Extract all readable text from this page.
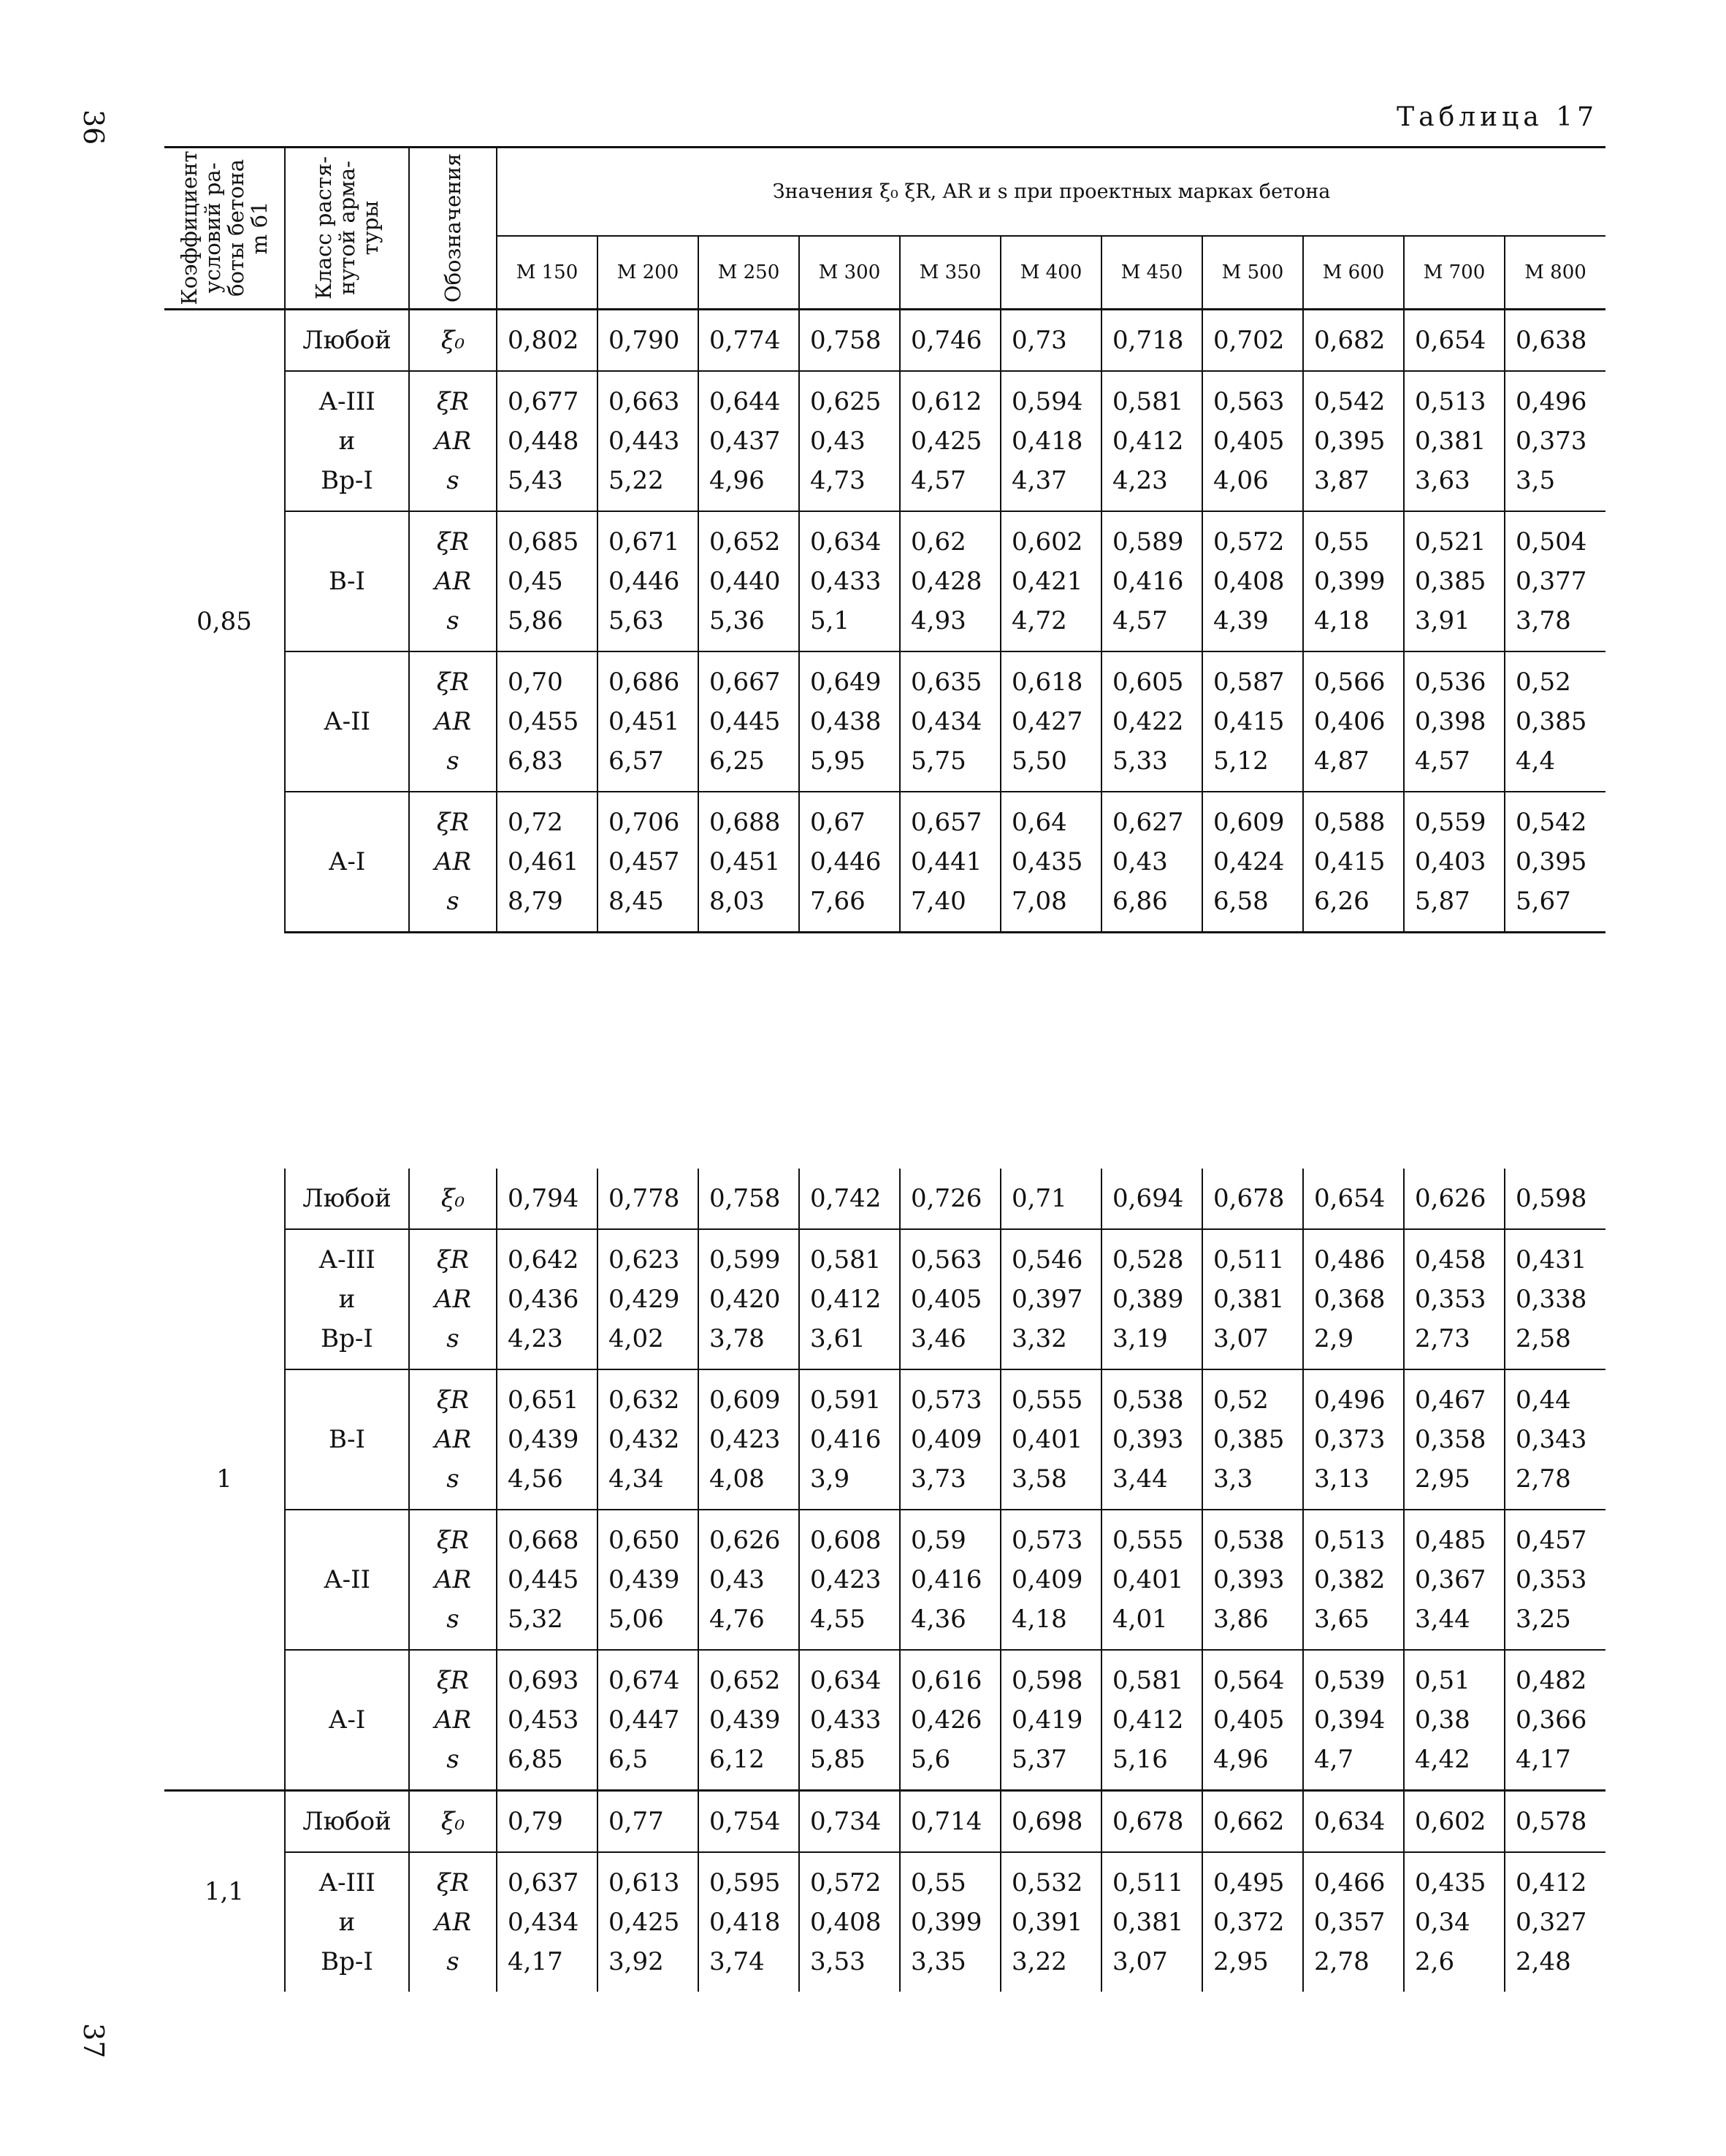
36
37
Таблица 17
Коэффициент
условий ра-
боты бетона
m б1	Класс растя-
нутой арма-
туры	Обозначения	Значения ξ₀ ξR, AR и s при проектных марках бетона										
			М 150	М 200	М 250	М 300	М 350	М 400	М 450	М 500	М 600	М 700	М 800
0,85	Любой	ξ₀	0,802	0,790	0,774	0,758	0,746	0,73	0,718	0,702	0,682	0,654	0,638
	А-III
и
Вр-I	ξR
AR
s	0,677
0,448
5,43	0,663
0,443
5,22	0,644
0,437
4,96	0,625
0,43
4,73	0,612
0,425
4,57	0,594
0,418
4,37	0,581
0,412
4,23	0,563
0,405
4,06	0,542
0,395
3,87	0,513
0,381
3,63	0,496
0,373
3,5
	В-I	ξR
AR
s	0,685
0,45
5,86	0,671
0,446
5,63	0,652
0,440
5,36	0,634
0,433
5,1	0,62
0,428
4,93	0,602
0,421
4,72	0,589
0,416
4,57	0,572
0,408
4,39	0,55
0,399
4,18	0,521
0,385
3,91	0,504
0,377
3,78
	А-II	ξR
AR
s	0,70
0,455
6,83	0,686
0,451
6,57	0,667
0,445
6,25	0,649
0,438
5,95	0,635
0,434
5,75	0,618
0,427
5,50	0,605
0,422
5,33	0,587
0,415
5,12	0,566
0,406
4,87	0,536
0,398
4,57	0,52
0,385
4,4
	А-I	ξR
AR
s	0,72
0,461
8,79	0,706
0,457
8,45	0,688
0,451
8,03	0,67
0,446
7,66	0,657
0,441
7,40	0,64
0,435
7,08	0,627
0,43
6,86	0,609
0,424
6,58	0,588
0,415
6,26	0,559
0,403
5,87	0,542
0,395
5,67
1	Любой	ξ₀	0,794	0,778	0,758	0,742	0,726	0,71	0,694	0,678	0,654	0,626	0,598
	А-III
и
Вр-I	ξR
AR
s	0,642
0,436
4,23	0,623
0,429
4,02	0,599
0,420
3,78	0,581
0,412
3,61	0,563
0,405
3,46	0,546
0,397
3,32	0,528
0,389
3,19	0,511
0,381
3,07	0,486
0,368
2,9	0,458
0,353
2,73	0,431
0,338
2,58
	В-I	ξR
AR
s	0,651
0,439
4,56	0,632
0,432
4,34	0,609
0,423
4,08	0,591
0,416
3,9	0,573
0,409
3,73	0,555
0,401
3,58	0,538
0,393
3,44	0,52
0,385
3,3	0,496
0,373
3,13	0,467
0,358
2,95	0,44
0,343
2,78
	А-II	ξR
AR
s	0,668
0,445
5,32	0,650
0,439
5,06	0,626
0,43
4,76	0,608
0,423
4,55	0,59
0,416
4,36	0,573
0,409
4,18	0,555
0,401
4,01	0,538
0,393
3,86	0,513
0,382
3,65	0,485
0,367
3,44	0,457
0,353
3,25
	А-I	ξR
AR
s	0,693
0,453
6,85	0,674
0,447
6,5	0,652
0,439
6,12	0,634
0,433
5,85	0,616
0,426
5,6	0,598
0,419
5,37	0,581
0,412
5,16	0,564
0,405
4,96	0,539
0,394
4,7	0,51
0,38
4,42	0,482
0,366
4,17
1,1	Любой	ξ₀	0,79	0,77	0,754	0,734	0,714	0,698	0,678	0,662	0,634	0,602	0,578
	А-III
и
Вр-I	ξR
AR
s	0,637
0,434
4,17	0,613
0,425
3,92	0,595
0,418
3,74	0,572
0,408
3,53	0,55
0,399
3,35	0,532
0,391
3,22	0,511
0,381
3,07	0,495
0,372
2,95	0,466
0,357
2,78	0,435
0,34
2,6	0,412
0,327
2,48
